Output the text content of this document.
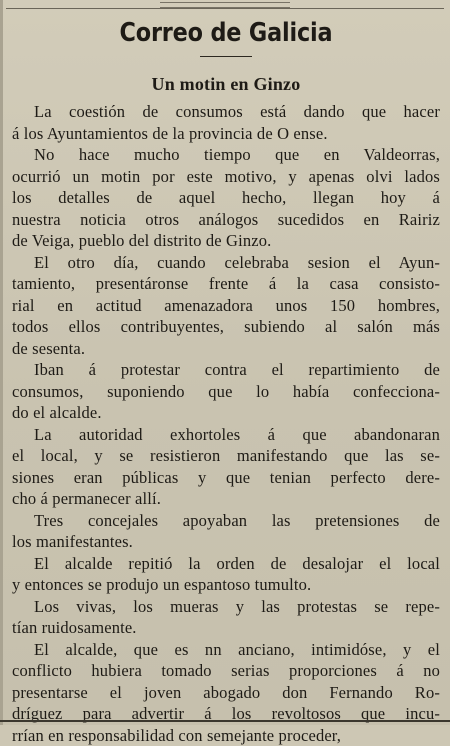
Correo de Galicia
Un motin en Ginzo

La coestión de consumos está dando que hacer
á los Ayuntamientos de la provincia de O ense.

No hace mucho tiempo que en Valdeorras,
ocurrió un motin por este motivo, y apenas olvi lados
los detalles de aquel hecho, llegan hoy á
nuestra noticia otros análogos sucedidos en Rairiz
de Veiga, pueblo del distrito de Ginzo.

El otro día, cuando celebraba sesion el Ayun-
tamiento, presentáronse frente á la casa consisto-
rial en actitud amenazadora unos 150 hombres,
todos ellos contribuyentes, subiendo al salón más
de sesenta.

Iban á protestar contra el repartimiento de
consumos, suponiendo que lo había confecciona-
do el alcalde.

La autoridad exhortoles á que abandonaran
el local, y se resistieron manifestando que las se-
siones eran públicas y que tenian perfecto dere-
cho á permanecer allí.

Tres concejales apoyaban las pretensiones de
los manifestantes.

El alcalde repitió la orden de desalojar el local
y entonces se produjo un espantoso tumulto.

Los vivas, los mueras y las protestas se repe-
tían ruidosamente.

El alcalde, que es nn anciano, intimidóse, y el
conflicto hubiera tomado serias proporciones á no
presentarse el joven abogado don Fernando Ro-
dríguez para advertir á los revoltosos que incu-
rrían en responsabilidad con semejante proceder,
